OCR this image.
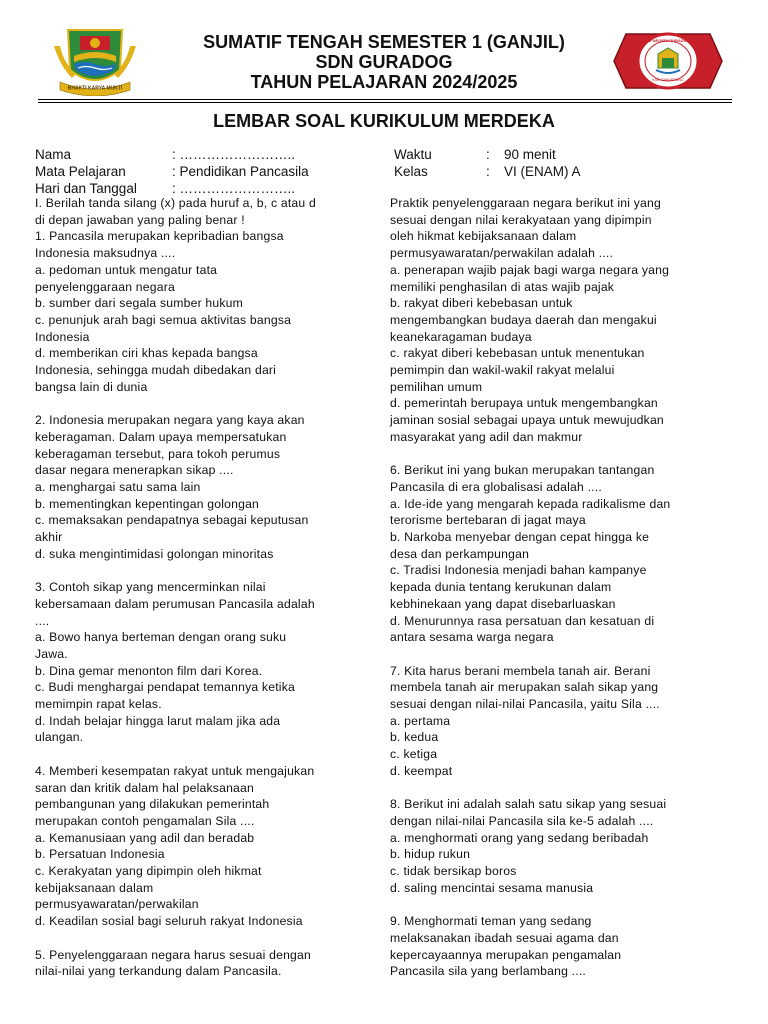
BHAKTI KARYA MUKTI
SD NEGERI GURADOG
KAB. TANGERANG
SUMATIF TENGAH SEMESTER 1 (GANJIL)
SDN GURADOG
TAHUN PELAJARAN 2024/2025
LEMBAR SOAL KURIKULUM MERDEKA
Nama	: ……………………..
Mata Pelajaran	: Pendidikan Pancasila
Hari dan Tanggal	: ……………………..
Waktu	: 90 menit
Kelas	: VI (ENAM) A

I. Berilah tanda silang (x) pada huruf a, b, c atau d

di depan jawaban yang paling benar !

1. Pancasila merupakan kepribadian bangsa

Indonesia maksudnya ....

a. pedoman untuk mengatur tata

penyelenggaraan negara

b. sumber dari segala sumber hukum

c. penunjuk arah bagi semua aktivitas bangsa

Indonesia

d. memberikan ciri khas kepada bangsa

Indonesia, sehingga mudah dibedakan dari

bangsa lain di dunia

2. Indonesia merupakan negara yang kaya akan

keberagaman. Dalam upaya mempersatukan

keberagaman tersebut, para tokoh perumus

dasar negara menerapkan sikap ....

a. menghargai satu sama lain

b. mementingkan kepentingan golongan

c. memaksakan pendapatnya sebagai keputusan

akhir

d. suka mengintimidasi golongan minoritas

3. Contoh sikap yang mencerminkan nilai

kebersamaan dalam perumusan Pancasila adalah

....

a. Bowo hanya berteman dengan orang suku

Jawa.

b. Dina gemar menonton film dari Korea.

c. Budi menghargai pendapat temannya ketika

memimpin rapat kelas.

d. Indah belajar hingga larut malam jika ada

ulangan.

4. Memberi kesempatan rakyat untuk mengajukan

saran dan kritik dalam hal pelaksanaan

pembangunan yang dilakukan pemerintah

merupakan contoh pengamalan Sila ....

a. Kemanusiaan yang adil dan beradab

b. Persatuan Indonesia

c. Kerakyatan yang dipimpin oleh hikmat

kebijaksanaan dalam

permusyawaratan/perwakilan

d. Keadilan sosial bagi seluruh rakyat Indonesia

5. Penyelenggaraan negara harus sesuai dengan

nilai-nilai yang terkandung dalam Pancasila.

Praktik penyelenggaraan negara berikut ini yang

sesuai dengan nilai kerakyataan yang dipimpin

oleh hikmat kebijaksanaan dalam

permusyawaratan/perwakilan adalah ....

a. penerapan wajib pajak bagi warga negara yang

memiliki penghasilan di atas wajib pajak

b. rakyat diberi kebebasan untuk

mengembangkan budaya daerah dan mengakui

keanekaragaman budaya

c. rakyat diberi kebebasan untuk menentukan

pemimpin dan wakil-wakil rakyat melalui

pemilihan umum

d. pemerintah berupaya untuk mengembangkan

jaminan sosial sebagai upaya untuk mewujudkan

masyarakat yang adil dan makmur

6. Berikut ini yang bukan merupakan tantangan

Pancasila di era globalisasi adalah ....

a. Ide-ide yang mengarah kepada radikalisme dan

terorisme bertebaran di jagat maya

b. Narkoba menyebar dengan cepat hingga ke

desa dan perkampungan

c. Tradisi Indonesia menjadi bahan kampanye

kepada dunia tentang kerukunan dalam

kebhinekaan yang dapat disebarluaskan

d. Menurunnya rasa persatuan dan kesatuan di

antara sesama warga negara

7. Kita harus berani membela tanah air. Berani

membela tanah air merupakan salah sikap yang

sesuai dengan nilai-nilai Pancasila, yaitu Sila ....

a. pertama

b. kedua

c. ketiga

d. keempat

8. Berikut ini adalah salah satu sikap yang sesuai

dengan nilai-nilai Pancasila sila ke-5 adalah ....

a. menghormati orang yang sedang beribadah

b. hidup rukun

c. tidak bersikap boros

d. saling mencintai sesama manusia

9. Menghormati teman yang sedang

melaksanakan ibadah sesuai agama dan

kepercayaannya merupakan pengamalan

Pancasila sila yang berlambang ....
